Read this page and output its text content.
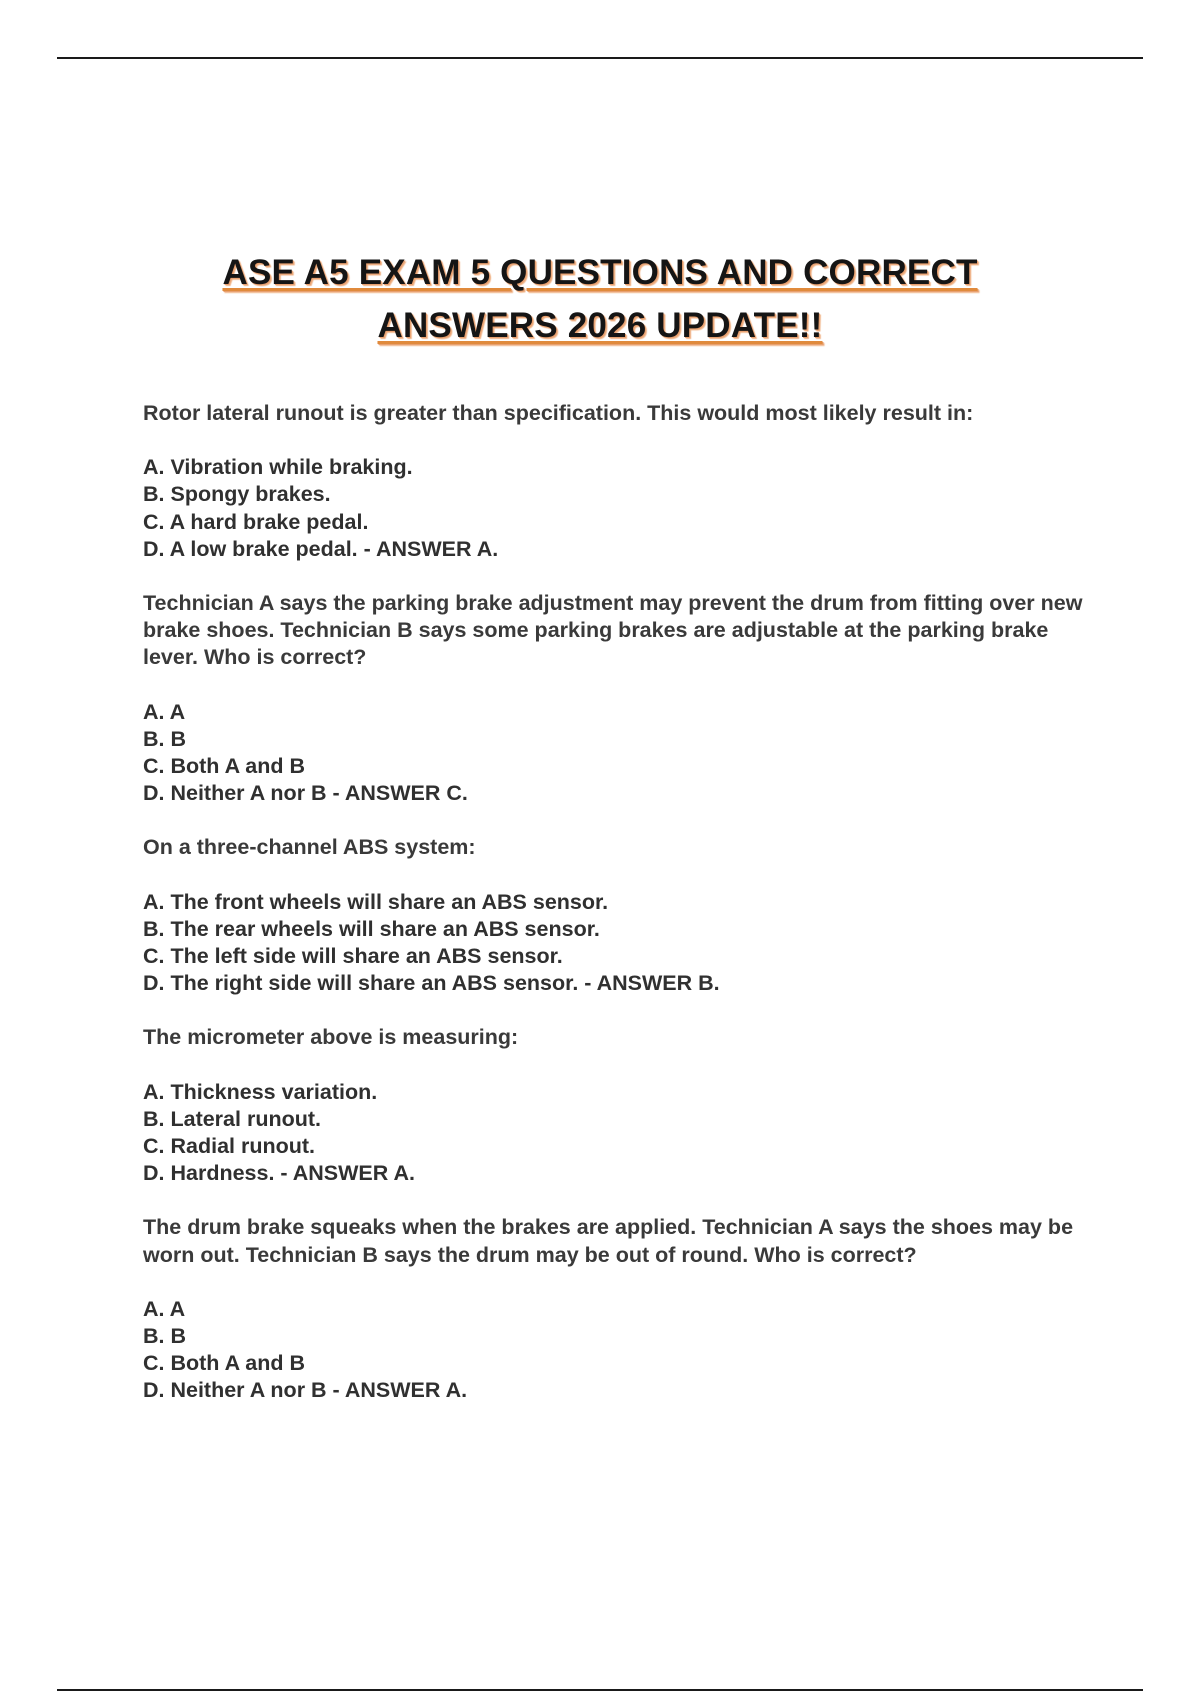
ASE A5 EXAM 5 QUESTIONS AND CORRECT
ANSWERS 2026 UPDATE!!

Rotor lateral runout is greater than specification. This would most likely result in:

A. Vibration while braking.
B. Spongy brakes.
C. A hard brake pedal.
D. A low brake pedal. - ANSWER A.

Technician A says the parking brake adjustment may prevent the drum from fitting over new brake shoes. Technician B says some parking brakes are adjustable at the parking brake lever. Who is correct?

A. A
B. B
C. Both A and B
D. Neither A nor B - ANSWER C.

On a three-channel ABS system:

A. The front wheels will share an ABS sensor.
B. The rear wheels will share an ABS sensor.
C. The left side will share an ABS sensor.
D. The right side will share an ABS sensor. - ANSWER B.

The micrometer above is measuring:

A. Thickness variation.
B. Lateral runout.
C. Radial runout.
D. Hardness. - ANSWER A.

The drum brake squeaks when the brakes are applied. Technician A says the shoes may be worn out. Technician B says the drum may be out of round. Who is correct?

A. A
B. B
C. Both A and B
D. Neither A nor B - ANSWER A.
